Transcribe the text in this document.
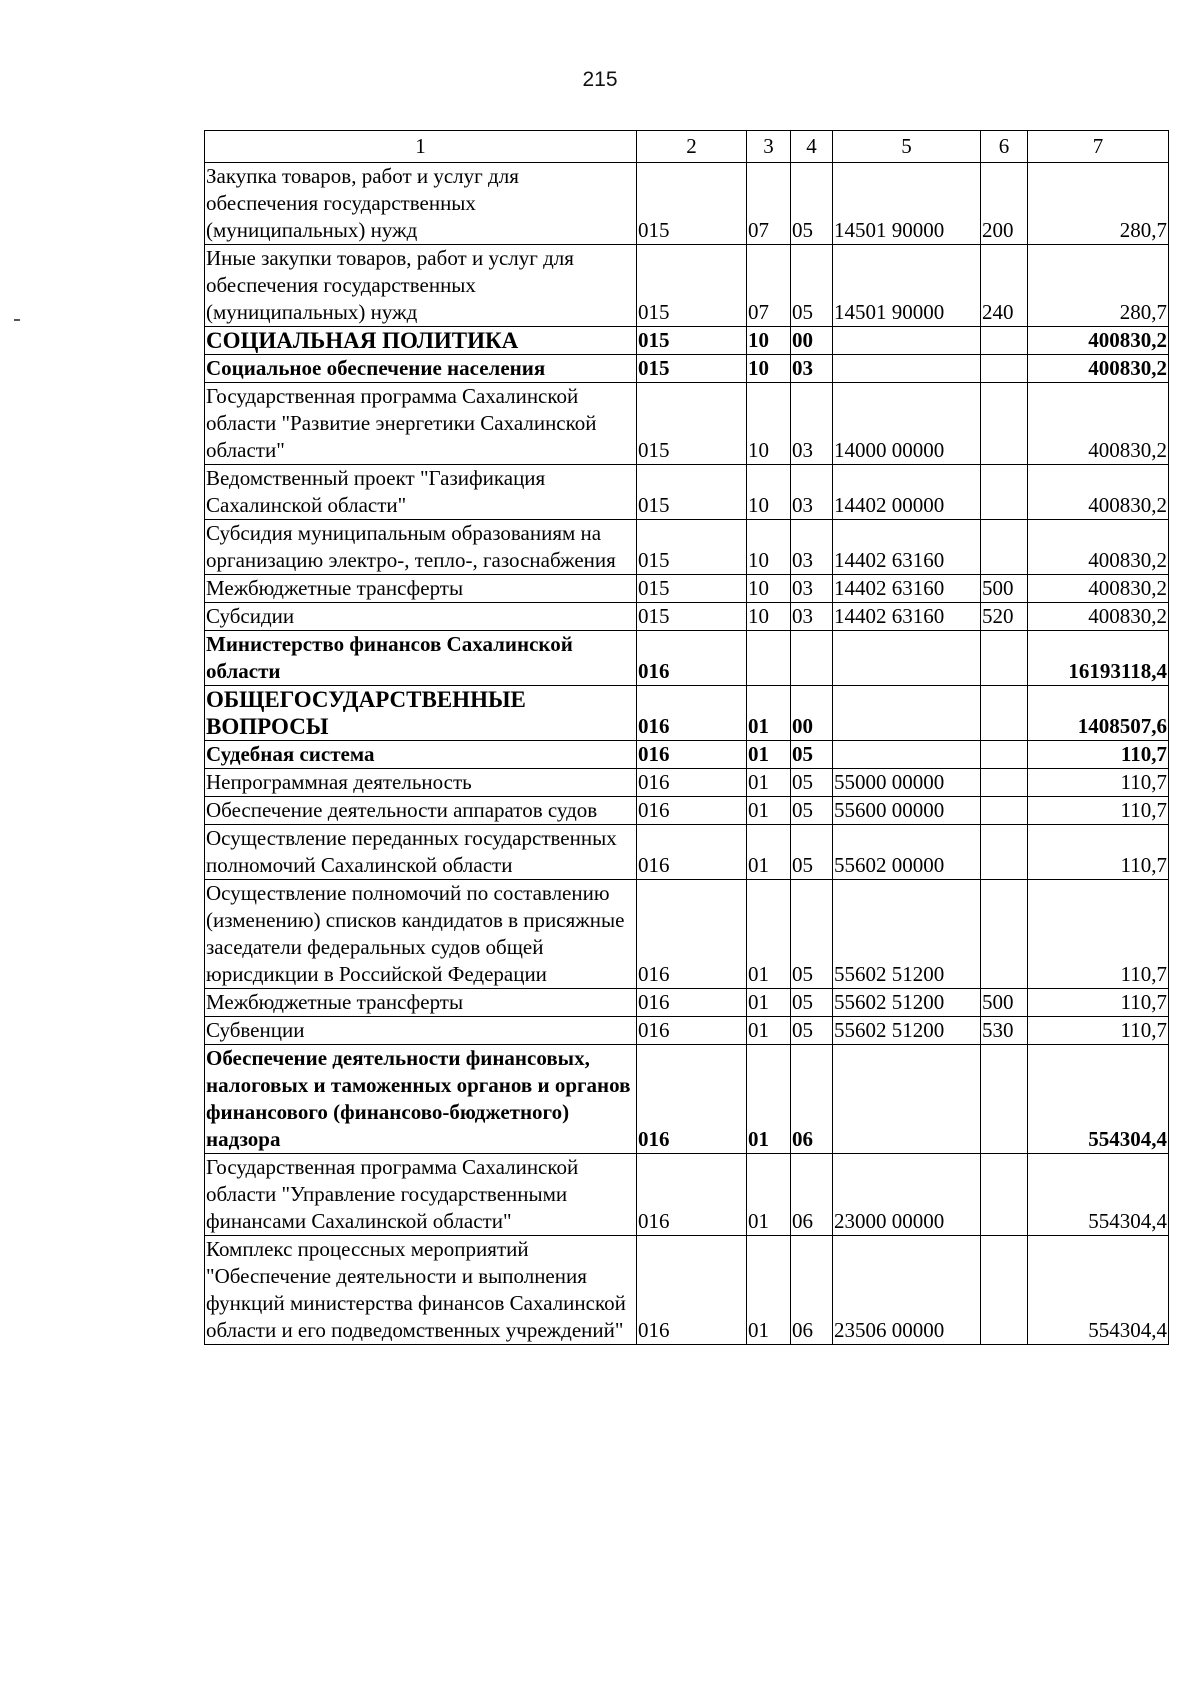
215
1	2	3	4	5	6	7
Закупка товаров, работ и услуг для обеспечения государственных (муниципальных) нужд	015	07	05	14501 90000	200	280,7
Иные закупки товаров, работ и услуг для обеспечения государственных (муниципальных) нужд	015	07	05	14501 90000	240	280,7
СОЦИАЛЬНАЯ ПОЛИТИКА	015	10	00			400830,2
Социальное обеспечение населения	015	10	03			400830,2
Государственная программа Сахалинской области "Развитие энергетики Сахалинской области"	015	10	03	14000 00000		400830,2
Ведомственный проект "Газификация Сахалинской области"	015	10	03	14402 00000		400830,2
Субсидия муниципальным образованиям на организацию электро-, тепло-, газоснабжения	015	10	03	14402 63160		400830,2
Межбюджетные трансферты	015	10	03	14402 63160	500	400830,2
Субсидии	015	10	03	14402 63160	520	400830,2
Министерство финансов Сахалинской области	016					16193118,4
ОБЩЕГОСУДАРСТВЕННЫЕ ВОПРОСЫ	016	01	00			1408507,6
Судебная система	016	01	05			110,7
Непрограммная деятельность	016	01	05	55000 00000		110,7
Обеспечение деятельности аппаратов судов	016	01	05	55600 00000		110,7
Осуществление переданных государственных полномочий Сахалинской области	016	01	05	55602 00000		110,7
Осуществление полномочий по составлению (изменению) списков кандидатов в присяжные заседатели федеральных судов общей юрисдикции в Российской Федерации	016	01	05	55602 51200		110,7
Межбюджетные трансферты	016	01	05	55602 51200	500	110,7
Субвенции	016	01	05	55602 51200	530	110,7
Обеспечение деятельности финансовых, налоговых и таможенных органов и органов финансового (финансово-бюджетного) надзора	016	01	06			554304,4
Государственная программа Сахалинской области "Управление государственными финансами Сахалинской области"	016	01	06	23000 00000		554304,4
Комплекс процессных мероприятий "Обеспечение деятельности и выполнения функций министерства финансов Сахалинской области и его подведомственных учреждений"	016	01	06	23506 00000		554304,4
